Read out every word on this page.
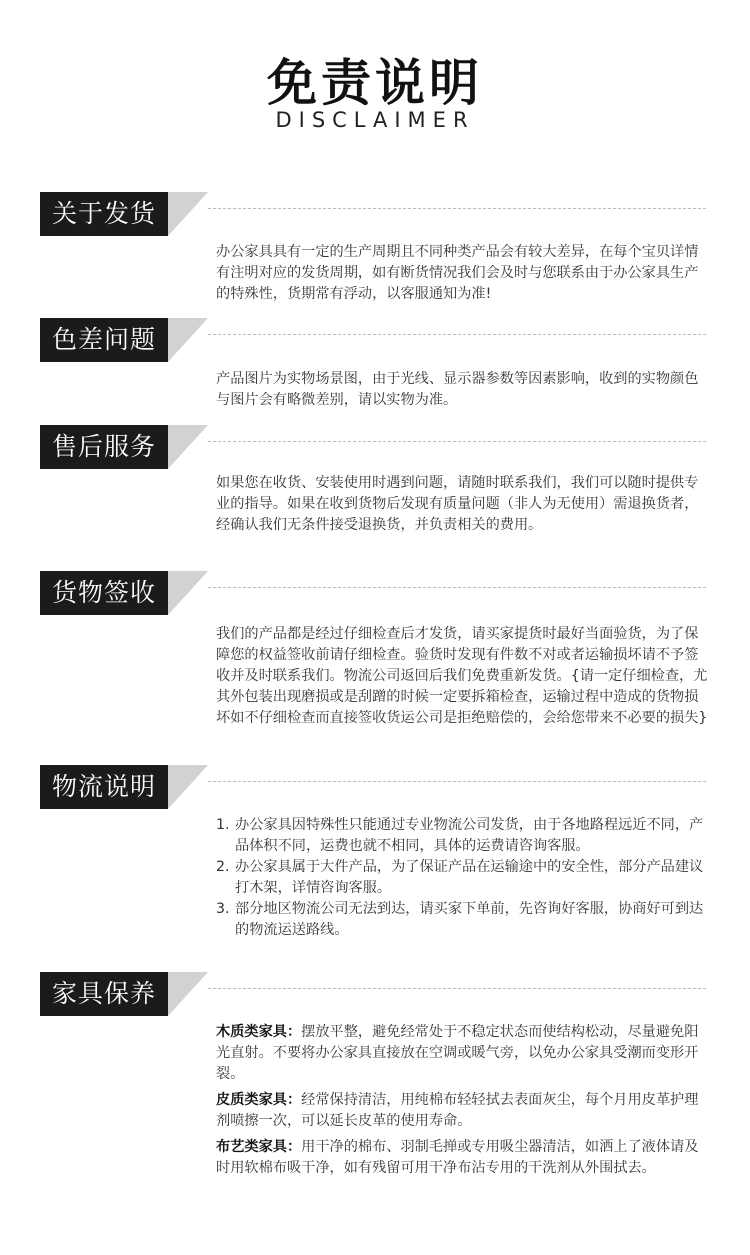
免责说明
DISCLAIMER
关于发货

办公家具具有一定的生产周期且不同种类产品会有较大差异，在每个宝贝详情有注明对应的发货周期，如有断货情况我们会及时与您联系由于办公家具生产的特殊性，货期常有浮动，以客服通知为准!

色差问题

产品图片为实物场景图，由于光线、显示器参数等因素影响，收到的实物颜色与图片会有略微差别，请以实物为准。

售后服务

如果您在收货、安装使用时遇到问题，请随时联系我们，我们可以随时提供专业的指导。如果在收到货物后发现有质量问题（非人为无使用）需退换货者，经确认我们无条件接受退换货，并负责相关的费用。

货物签收

我们的产品都是经过仔细检查后才发货，请买家提货时最好当面验货，为了保障您的权益签收前请仔细检查。验货时发现有件数不对或者运输损坏请不予签收并及时联系我们。物流公司返回后我们免费重新发货。{请一定仔细检查，尤其外包装出现磨损或是刮蹭的时候一定要拆箱检查，运输过程中造成的货物损坏如不仔细检查而直接签收货运公司是拒绝赔偿的，会给您带来不必要的损失}

物流说明
1. 办公家具因特殊性只能通过专业物流公司发货，由于各地路程远近不同，产品体积不同，运费也就不相同，具体的运费请咨询客服。
2. 办公家具属于大件产品，为了保证产品在运输途中的安全性，部分产品建议打木架，详情咨询客服。
3. 部分地区物流公司无法到达，请买家下单前，先咨询好客服，协商好可到达的物流运送路线。
家具保养

木质类家具：摆放平整，避免经常处于不稳定状态而使结构松动，尽量避免阳光直射。不要将办公家具直接放在空调或暖气旁，以免办公家具受潮而变形开裂。

皮质类家具：经常保持清洁，用纯棉布轻轻拭去表面灰尘，每个月用皮革护理剂喷擦一次，可以延长皮革的使用寿命。

布艺类家具：用干净的棉布、羽制毛掸或专用吸尘器清洁，如洒上了液体请及时用软棉布吸干净，如有残留可用干净布沾专用的干洗剂从外围拭去。
